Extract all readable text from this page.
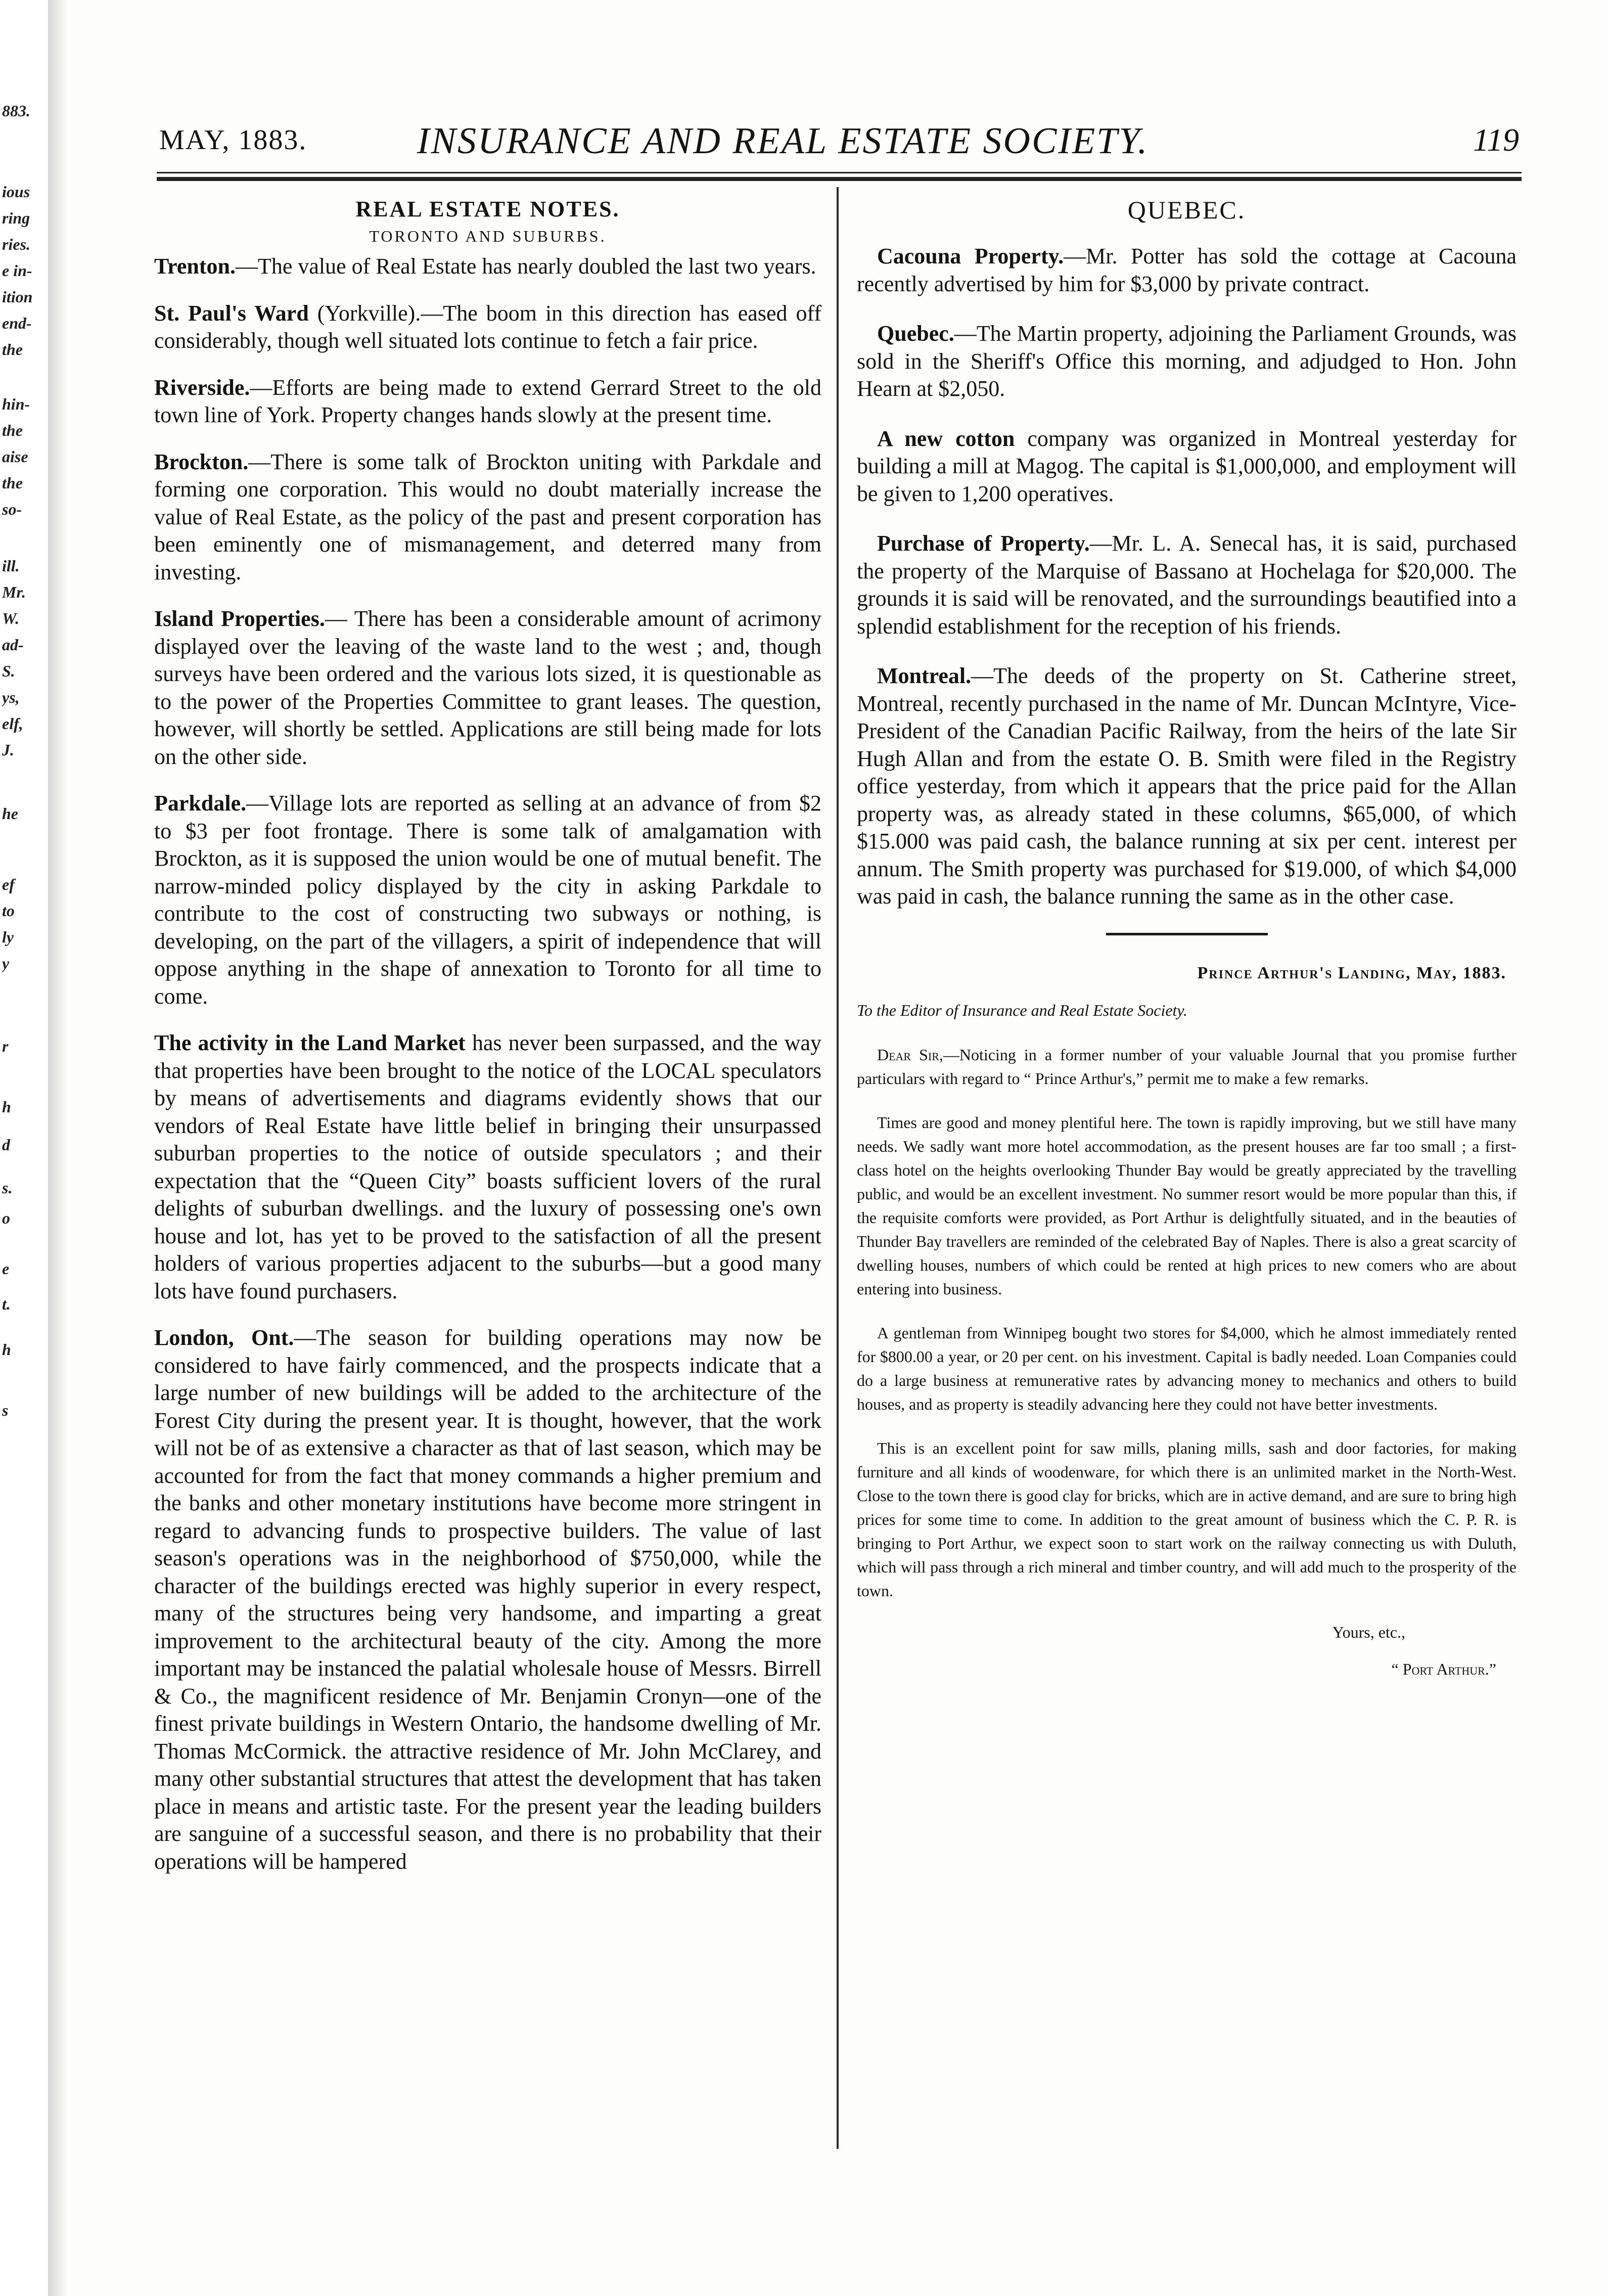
883.
ious
ring
ries.
e in-
ition
end-
the
hin-
the
aise
the
so-
ill.
Mr.
W.
ad-
S.
ys,
elf,
J.
he
ef
to
ly
y
r
h
d
s.
o
e
t.
h
s
MAY, 1883.	INSURANCE AND REAL ESTATE SOCIETY.	119
REAL ESTATE NOTES.
TORONTO AND SUBURBS.

Trenton.—The value of Real Estate has nearly doubled the last two years.

St. Paul's Ward (Yorkville).—The boom in this direction has eased off considerably, though well situated lots continue to fetch a fair price.

Riverside.—Efforts are being made to extend Gerrard Street to the old town line of York. Property changes hands slowly at the present time.

Brockton.—There is some talk of Brockton uniting with Parkdale and forming one corporation. This would no doubt materially increase the value of Real Estate, as the policy of the past and present corporation has been eminently one of mismanagement, and deterred many from investing.

Island Properties.— There has been a considerable amount of acrimony displayed over the leaving of the waste land to the west ; and, though surveys have been ordered and the various lots sized, it is questionable as to the power of the Properties Committee to grant leases. The question, however, will shortly be settled. Applications are still being made for lots on the other side.

Parkdale.—Village lots are reported as selling at an advance of from $2 to $3 per foot frontage. There is some talk of amalgamation with Brockton, as it is supposed the union would be one of mutual benefit. The narrow-minded policy displayed by the city in asking Parkdale to contribute to the cost of constructing two subways or nothing, is developing, on the part of the villagers, a spirit of independence that will oppose anything in the shape of annexation to Toronto for all time to come.

The activity in the Land Market has never been surpassed, and the way that properties have been brought to the notice of the LOCAL speculators by means of advertisements and diagrams evidently shows that our vendors of Real Estate have little belief in bringing their unsurpassed suburban properties to the notice of outside speculators ; and their expectation that the “Queen City” boasts sufficient lovers of the rural delights of suburban dwellings. and the luxury of possessing one's own house and lot, has yet to be proved to the satisfaction of all the present holders of various properties adjacent to the suburbs—but a good many lots have found purchasers.

London, Ont.—The season for building operations may now be considered to have fairly commenced, and the prospects indicate that a large number of new buildings will be added to the architecture of the Forest City during the present year. It is thought, however, that the work will not be of as extensive a character as that of last season, which may be accounted for from the fact that money commands a higher premium and the banks and other monetary institutions have become more stringent in regard to advancing funds to prospective builders. The value of last season's operations was in the neighborhood of $750,000, while the character of the buildings erected was highly superior in every respect, many of the structures being very handsome, and imparting a great improvement to the architectural beauty of the city. Among the more important may be instanced the palatial wholesale house of Messrs. Birrell & Co., the magnificent residence of Mr. Benjamin Cronyn—one of the finest private buildings in Western Ontario, the handsome dwelling of Mr. Thomas McCormick. the attractive residence of Mr. John McClarey, and many other substantial structures that attest the development that has taken place in means and artistic taste. For the present year the leading builders are sanguine of a successful season, and there is no probability that their operations will be hampered

QUEBEC.

Cacouna Property.—Mr. Potter has sold the cottage at Cacouna recently advertised by him for $3,000 by private contract.

Quebec.—The Martin property, adjoining the Parliament Grounds, was sold in the Sheriff's Office this morning, and adjudged to Hon. John Hearn at $2,050.

A new cotton company was organized in Montreal yesterday for building a mill at Magog. The capital is $1,000,000, and employment will be given to 1,200 operatives.

Purchase of Property.—Mr. L. A. Senecal has, it is said, purchased the property of the Marquise of Bassano at Hochelaga for $20,000. The grounds it is said will be renovated, and the surroundings beautified into a splendid establishment for the reception of his friends.

Montreal.—The deeds of the property on St. Catherine street, Montreal, recently purchased in the name of Mr. Duncan McIntyre, Vice-President of the Canadian Pacific Railway, from the heirs of the late Sir Hugh Allan and from the estate O. B. Smith were filed in the Registry office yesterday, from which it appears that the price paid for the Allan property was, as already stated in these columns, $65,000, of which $15.000 was paid cash, the balance running at six per cent. interest per annum. The Smith property was purchased for $19.000, of which $4,000 was paid in cash, the balance running the same as in the other case.

Prince Arthur's Landing, May, 1883.
To the Editor of Insurance and Real Estate Society.

Dear Sir,—Noticing in a former number of your valuable Journal that you promise further particulars with regard to “ Prince Arthur's,” permit me to make a few remarks.

Times are good and money plentiful here. The town is rapidly improving, but we still have many needs. We sadly want more hotel accommodation, as the present houses are far too small ; a first-class hotel on the heights overlooking Thunder Bay would be greatly appreciated by the travelling public, and would be an excellent investment. No summer resort would be more popular than this, if the requisite comforts were provided, as Port Arthur is delightfully situated, and in the beauties of Thunder Bay travellers are reminded of the celebrated Bay of Naples. There is also a great scarcity of dwelling houses, numbers of which could be rented at high prices to new comers who are about entering into business.

A gentleman from Winnipeg bought two stores for $4,000, which he almost immediately rented for $800.00 a year, or 20 per cent. on his investment. Capital is badly needed. Loan Companies could do a large business at remunerative rates by advancing money to mechanics and others to build houses, and as property is steadily advancing here they could not have better investments.

This is an excellent point for saw mills, planing mills, sash and door factories, for making furniture and all kinds of woodenware, for which there is an unlimited market in the North-West. Close to the town there is good clay for bricks, which are in active demand, and are sure to bring high prices for some time to come. In addition to the great amount of business which the C. P. R. is bringing to Port Arthur, we expect soon to start work on the railway connecting us with Duluth, which will pass through a rich mineral and timber country, and will add much to the prosperity of the town.

Yours, etc.,
“ Port Arthur.”
